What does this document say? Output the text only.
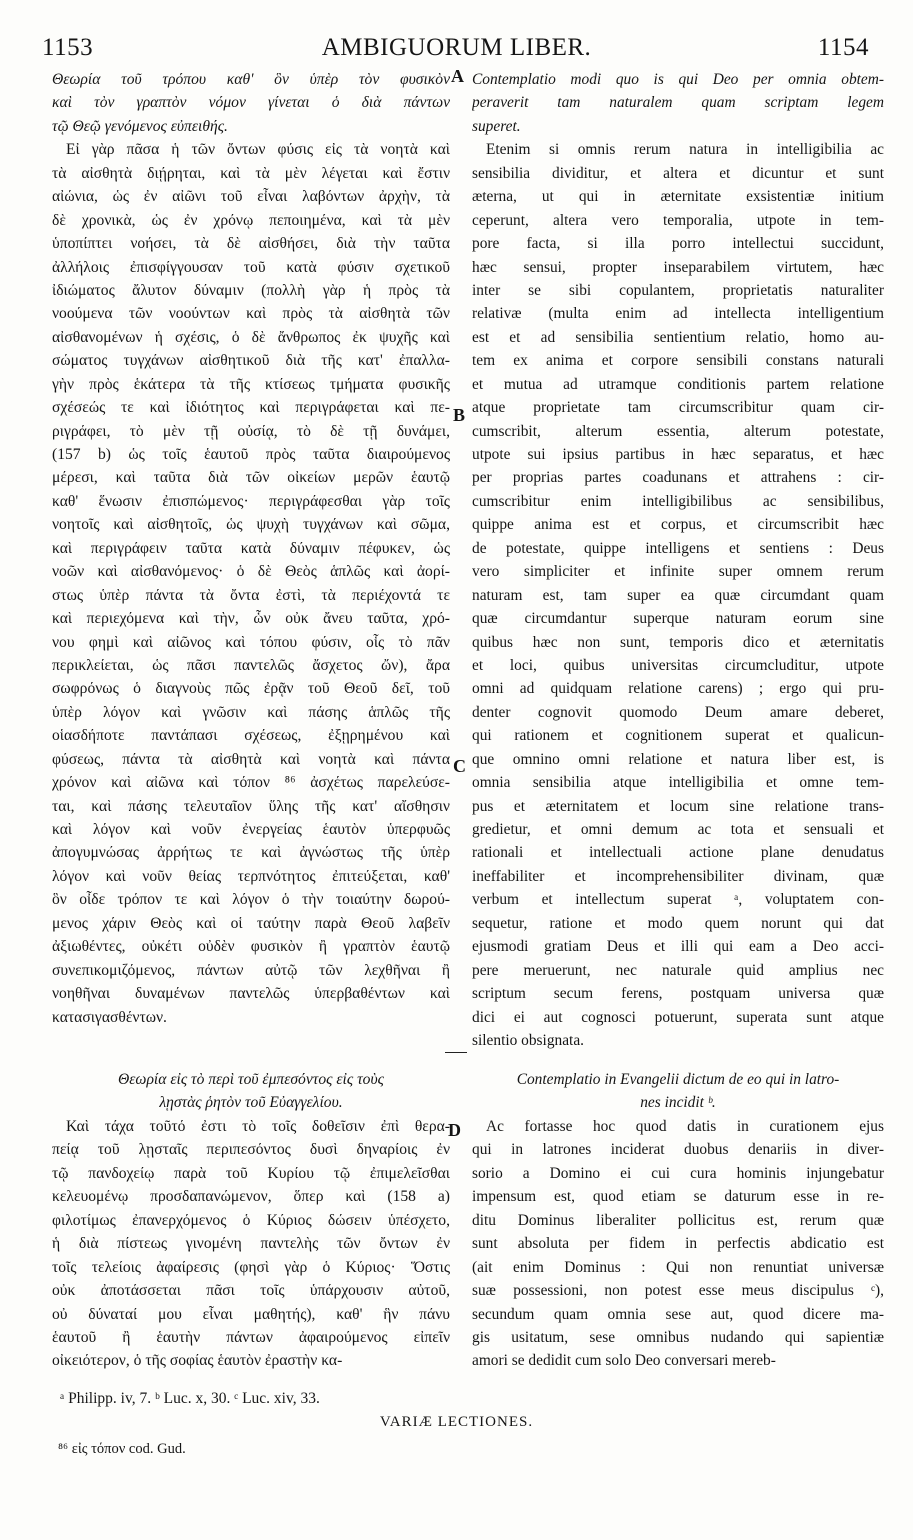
1153	AMBIGUORUM LIBER.	1154
A
B
C
D
Θεωρία τοῦ τρόπου καθ' ὃν ὑπὲρ τὸν φυσικὸν
καὶ τὸν γραπτὸν νόμον γίνεται ὁ διὰ πάντων
τῷ Θεῷ γενόμενος εὐπειθής.
Εἰ γὰρ πᾶσα ἡ τῶν ὄντων φύσις εἰς τὰ νοητὰ καὶ
τὰ αἰσθητὰ διῄρηται, καὶ τὰ μὲν λέγεται καὶ ἔστιν
αἰώνια, ὡς ἐν αἰῶνι τοῦ εἶναι λαβόντων ἀρχὴν, τὰ
δὲ χρονικὰ, ὡς ἐν χρόνῳ πεποιημένα, καὶ τὰ μὲν
ὑποπίπτει νοήσει, τὰ δὲ αἰσθήσει, διὰ τὴν ταῦτα
ἀλλήλοις ἐπισφίγγουσαν τοῦ κατὰ φύσιν σχετικοῦ
ἰδιώματος ἄλυτον δύναμιν (πολλὴ γὰρ ἡ πρὸς τὰ
νοούμενα τῶν νοούντων καὶ πρὸς τὰ αἰσθητὰ τῶν
αἰσθανομένων ἡ σχέσις, ὁ δὲ ἄνθρωπος ἐκ ψυχῆς καὶ
σώματος τυγχάνων αἰσθητικοῦ διὰ τῆς κατ' ἐπαλλα-
γὴν πρὸς ἑκάτερα τὰ τῆς κτίσεως τμήματα φυσικῆς
σχέσεώς τε καὶ ἰδιότητος καὶ περιγράφεται καὶ πε-
ριγράφει, τὸ μὲν τῇ οὐσίᾳ, τὸ δὲ τῇ δυνάμει,
(157 b) ὡς τοῖς ἑαυτοῦ πρὸς ταῦτα διαιρούμενος
μέρεσι, καὶ ταῦτα διὰ τῶν οἰκείων μερῶν ἑαυτῷ
καθ' ἕνωσιν ἐπισπώμενος· περιγράφεσθαι γὰρ τοῖς
νοητοῖς καὶ αἰσθητοῖς, ὡς ψυχὴ τυγχάνων καὶ σῶμα,
καὶ περιγράφειν ταῦτα κατὰ δύναμιν πέφυκεν, ὡς
νοῶν καὶ αἰσθανόμενος· ὁ δὲ Θεὸς ἁπλῶς καὶ ἀορί-
στως ὑπὲρ πάντα τὰ ὄντα ἐστὶ, τὰ περιέχοντά τε
καὶ περιεχόμενα καὶ τὴν, ὧν οὐκ ἄνευ ταῦτα, χρό-
νου φημὶ καὶ αἰῶνος καὶ τόπου φύσιν, οἷς τὸ πᾶν
περικλείεται, ὡς πᾶσι παντελῶς ἄσχετος ὤν), ἄρα
σωφρόνως ὁ διαγνοὺς πῶς ἐρᾷν τοῦ Θεοῦ δεῖ, τοῦ
ὑπὲρ λόγον καὶ γνῶσιν καὶ πάσης ἁπλῶς τῆς
οἱασδήποτε παντάπασι σχέσεως, ἐξῃρημένου καὶ
φύσεως, πάντα τὰ αἰσθητὰ καὶ νοητὰ καὶ πάντα
χρόνον καὶ αἰῶνα καὶ τόπον ⁸⁶ ἀσχέτως παρελεύσε-
ται, καὶ πάσης τελευταῖον ὕλης τῆς κατ' αἴσθησιν
καὶ λόγον καὶ νοῦν ἐνεργείας ἑαυτὸν ὑπερφυῶς
ἀπογυμνώσας ἀρρήτως τε καὶ ἀγνώστως τῆς ὑπὲρ
λόγον καὶ νοῦν θείας τερπνότητος ἐπιτεύξεται, καθ'
ὃν οἶδε τρόπον τε καὶ λόγον ὁ τὴν τοιαύτην δωρού-
μενος χάριν Θεὸς καὶ οἱ ταύτην παρὰ Θεοῦ λαβεῖν
ἀξιωθέντες, οὐκέτι οὐδὲν φυσικὸν ἢ γραπτὸν ἑαυτῷ
συνεπικομιζόμενος, πάντων αὐτῷ τῶν λεχθῆναι ἢ
νοηθῆναι δυναμένων παντελῶς ὑπερβαθέντων καὶ
κατασιγασθέντων.
Contemplatio modi quo is qui Deo per omnia obtem-
peraverit tam naturalem quam scriptam legem
superet.
Etenim si omnis rerum natura in intelligibilia ac
sensibilia dividitur, et altera et dicuntur et sunt
æterna, ut qui in æternitate exsistentiæ initium
ceperunt, altera vero temporalia, utpote in tem-
pore facta, si illa porro intellectui succidunt,
hæc sensui, propter inseparabilem virtutem, hæc
inter se sibi copulantem, proprietatis naturaliter
relativæ (multa enim ad intellecta intelligentium
est et ad sensibilia sentientium relatio, homo au-
tem ex anima et corpore sensibili constans naturali
et mutua ad utramque conditionis partem relatione
atque proprietate tam circumscribitur quam cir-
cumscribit, alterum essentia, alterum potestate,
utpote sui ipsius partibus in hæc separatus, et hæc
per proprias partes coadunans et attrahens : cir-
cumscribitur enim intelligibilibus ac sensibilibus,
quippe anima est et corpus, et circumscribit hæc
de potestate, quippe intelligens et sentiens : Deus
vero simpliciter et infinite super omnem rerum
naturam est, tam super ea quæ circumdant quam
quæ circumdantur superque naturam eorum sine
quibus hæc non sunt, temporis dico et æternitatis
et loci, quibus universitas circumcluditur, utpote
omni ad quidquam relatione carens) ; ergo qui pru-
denter cognovit quomodo Deum amare deberet,
qui rationem et cognitionem superat et qualicun-
que omnino omni relatione et natura liber est, is
omnia sensibilia atque intelligibilia et omne tem-
pus et æternitatem et locum sine relatione trans-
gredietur, et omni demum ac tota et sensuali et
rationali et intellectuali actione plane denudatus
ineffabiliter et incomprehensibiliter divinam, quæ
verbum et intellectum superat ᵃ, voluptatem con-
sequetur, ratione et modo quem norunt qui dat
ejusmodi gratiam Deus et illi qui eam a Deo acci-
pere meruerunt, nec naturale quid amplius nec
scriptum secum ferens, postquam universa quæ
dici ei aut cognosci potuerunt, superata sunt atque
silentio obsignata.
Θεωρία εἰς τὸ περὶ τοῦ ἐμπεσόντος εἰς τοὺς
λῃστὰς ῥητὸν τοῦ Εὐαγγελίου.
Καὶ τάχα τοῦτό ἐστι τὸ τοῖς δοθεῖσιν ἐπὶ θερα-
πείᾳ τοῦ λῃσταῖς περιπεσόντος δυσὶ δηναρίοις ἐν
τῷ πανδοχείῳ παρὰ τοῦ Κυρίου τῷ ἐπιμελεῖσθαι
κελευομένῳ προσδαπανώμενον, ὅπερ καὶ (158 a)
φιλοτίμως ἐπανερχόμενος ὁ Κύριος δώσειν ὑπέσχετο,
ἡ διὰ πίστεως γινομένη παντελὴς τῶν ὄντων ἐν
τοῖς τελείοις ἀφαίρεσις (φησὶ γὰρ ὁ Κύριος· Ὅστις
οὐκ ἀποτάσσεται πᾶσι τοῖς ὑπάρχουσιν αὐτοῦ,
οὐ δύναταί μου εἶναι μαθητής), καθ' ἣν πάνυ
ἑαυτοῦ ἢ ἑαυτὴν πάντων ἀφαιρούμενος εἰπεῖν
οἰκειότερον, ὁ τῆς σοφίας ἑαυτὸν ἐραστὴν κα-
Contemplatio in Evangelii dictum de eo qui in latro-
nes incidit ᵇ.
Ac fortasse hoc quod datis in curationem ejus
qui in latrones inciderat duobus denariis in diver-
sorio a Domino ei cui cura hominis injungebatur
impensum est, quod etiam se daturum esse in re-
ditu Dominus liberaliter pollicitus est, rerum quæ
sunt absoluta per fidem in perfectis abdicatio est
(ait enim Dominus : Qui non renuntiat universæ
suæ possessioni, non potest esse meus discipulus ᶜ),
secundum quam omnia sese aut, quod dicere ma-
gis usitatum, sese omnibus nudando qui sapientiæ
amori se dedidit cum solo Deo conversari mereb-
ᵃ Philipp. iv, 7. ᵇ Luc. x, 30. ᶜ Luc. xiv, 33.
VARIÆ LECTIONES.
⁸⁶ εἰς τόπον cod. Gud.
